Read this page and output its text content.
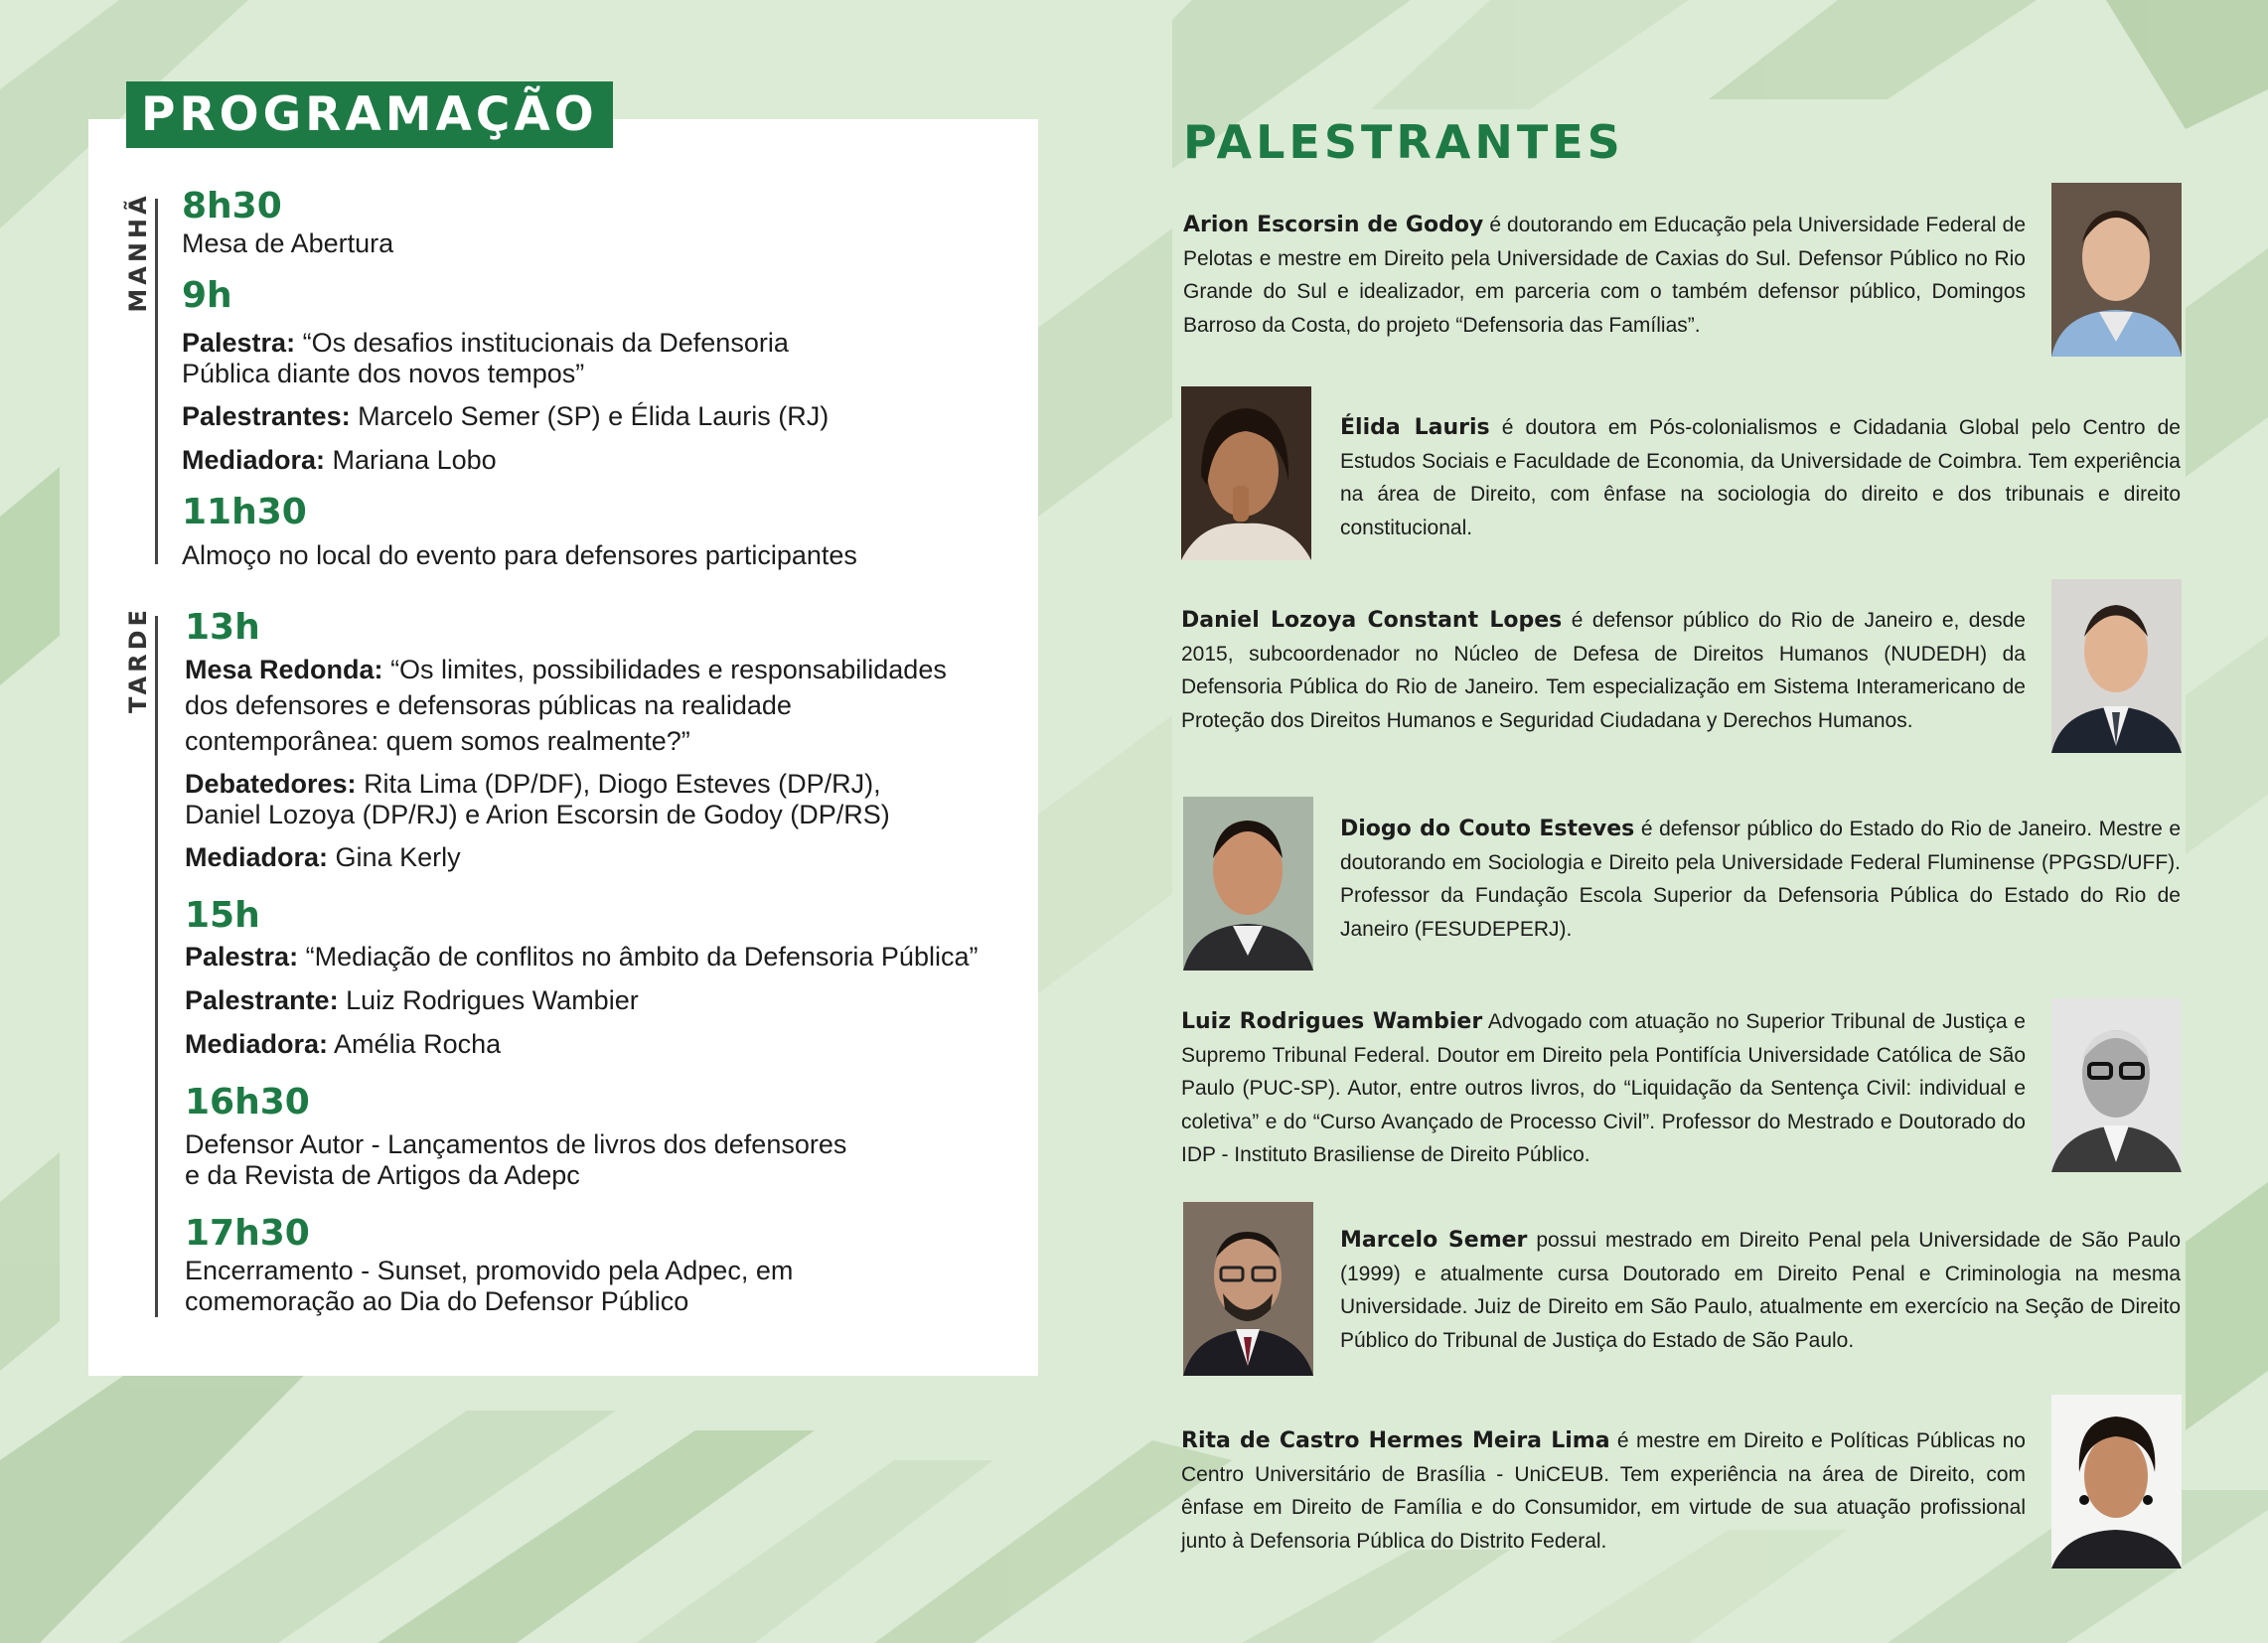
PROGRAMAÇÃO
MANHÃ 8h30
Mesa de Abertura
9h
Palestra: “Os desafios institucionais da Defensoria
Pública diante dos novos tempos”
Palestrantes: Marcelo Semer (SP) e Élida Lauris (RJ)
Mediadora: Mariana Lobo
11h30
Almoço no local do evento para defensores participantes
TARDE 13h
Mesa Redonda: “Os limites, possibilidades e responsabilidades
dos defensores e defensoras públicas na realidade
contemporânea: quem somos realmente?”
Debatedores: Rita Lima (DP/DF), Diogo Esteves (DP/RJ),
Daniel Lozoya (DP/RJ) e Arion Escorsin de Godoy (DP/RS)
Mediadora: Gina Kerly
15h
Palestra: “Mediação de conflitos no âmbito da Defensoria Pública”
Palestrante: Luiz Rodrigues Wambier
Mediadora: Amélia Rocha
16h30
Defensor Autor - Lançamentos de livros dos defensores
e da Revista de Artigos da Adepc
17h30
Encerramento - Sunset, promovido pela Adpec, em
comemoração ao Dia do Defensor Público
PALESTRANTES
Arion Escorsin de Godoy é doutorando em Educação pela Universidade Federal de Pelotas e mestre em Direito pela Universidade de Caxias do Sul. Defensor Público no Rio Grande do Sul e idealizador, em parceria com o também defensor público, Domingos Barroso da Costa, do projeto “Defensoria das Famílias”.
Élida Lauris é doutora em Pós-colonialismos e Cidadania Global pelo Centro de Estudos Sociais e Faculdade de Economia, da Universidade de Coimbra. Tem experiência na área de Direito, com ênfase na sociologia do direito e dos tribunais e direito constitucional.
Daniel Lozoya Constant Lopes é defensor público do Rio de Janeiro e, desde 2015, subcoordenador no Núcleo de Defesa de Direitos Humanos (NUDEDH) da Defensoria Pública do Rio de Janeiro. Tem especialização em Sistema Interamericano de Proteção dos Direitos Humanos e Seguridad Ciudadana y Derechos Humanos.
Diogo do Couto Esteves é defensor público do Estado do Rio de Janeiro. Mestre e doutorando em Sociologia e Direito pela Universidade Federal Fluminense (PPGSD/UFF). Professor da Fundação Escola Superior da Defensoria Pública do Estado do Rio de Janeiro (FESUDEPERJ).
Luiz Rodrigues Wambier Advogado com atuação no Superior Tribunal de Justiça e Supremo Tribunal Federal. Doutor em Direito pela Pontifícia Universidade Católica de São Paulo (PUC-SP). Autor, entre outros livros, do “Liquidação da Sentença Civil: individual e coletiva” e do “Curso Avançado de Processo Civil”. Professor do Mestrado e Doutorado do IDP - Instituto Brasiliense de Direito Público.
Marcelo Semer possui mestrado em Direito Penal pela Universidade de São Paulo (1999) e atualmente cursa Doutorado em Direito Penal e Criminologia na mesma Universidade. Juiz de Direito em São Paulo, atualmente em exercício na Seção de Direito Público do Tribunal de Justiça do Estado de São Paulo.
Rita de Castro Hermes Meira Lima é mestre em Direito e Políticas Públicas no Centro Universitário de Brasília - UniCEUB. Tem experiência na área de Direito, com ênfase em Direito de Família e do Consumidor, em virtude de sua atuação profissional junto à Defensoria Pública do Distrito Federal.
